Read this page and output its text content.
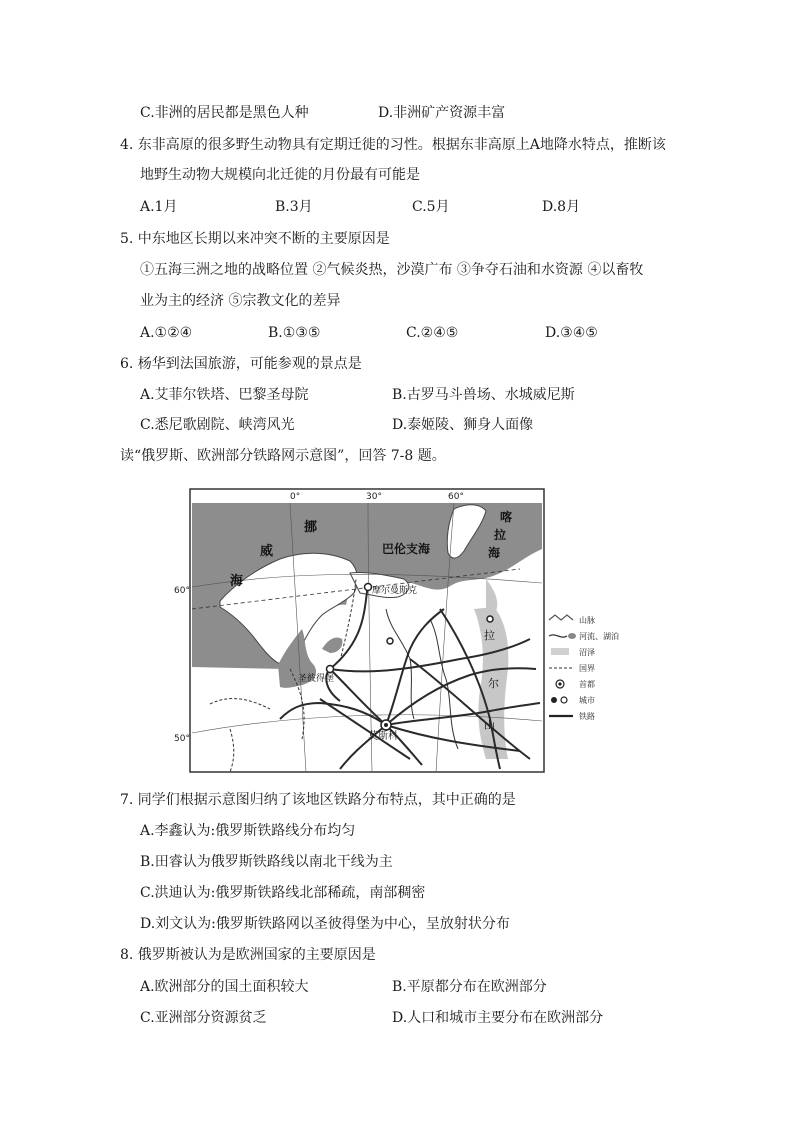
C.非洲的居民都是黑色人种	D.非洲矿产资源丰富
4. 东非高原的很多野生动物具有定期迁徙的习性。根据东非高原上A地降水特点，推断该
地野生动物大规模向北迁徙的月份最有可能是
A.1月	B.3月	C.5月	D.8月
5. 中东地区长期以来冲突不断的主要原因是
①五海三洲之地的战略位置 ②气候炎热，沙漠广布 ③争夺石油和水资源 ④以畜牧
业为主的经济 ⑤宗教文化的差异
A.①②④	B.①③⑤	C.②④⑤	D.③④⑤
6. 杨华到法国旅游，可能参观的景点是
A.艾菲尔铁塔、巴黎圣母院	B.古罗马斗兽场、水城威尼斯
C.悉尼歌剧院、峡湾风光	D.泰姬陵、狮身人面像
读“俄罗斯、欧洲部分铁路网示意图”，回答 7-8 题。
0°	30°	60°
60°
50°
挪
威
海
巴伦支海
喀
拉
海
摩尔曼斯克
圣彼得堡
莫斯科
拉
尔
山
山脉
河流、湖泊
沼泽
国界
首都
城市
铁路
7. 同学们根据示意图归纳了该地区铁路分布特点，其中正确的是
A.李鑫认为:俄罗斯铁路线分布均匀
B.田睿认为俄罗斯铁路线以南北干线为主
C.洪迪认为:俄罗斯铁路线北部稀疏，南部稠密
D.刘文认为:俄罗斯铁路网以圣彼得堡为中心，呈放射状分布
8. 俄罗斯被认为是欧洲国家的主要原因是
A.欧洲部分的国土面积较大	B.平原都分布在欧洲部分
C.亚洲部分资源贫乏	D.人口和城市主要分布在欧洲部分
